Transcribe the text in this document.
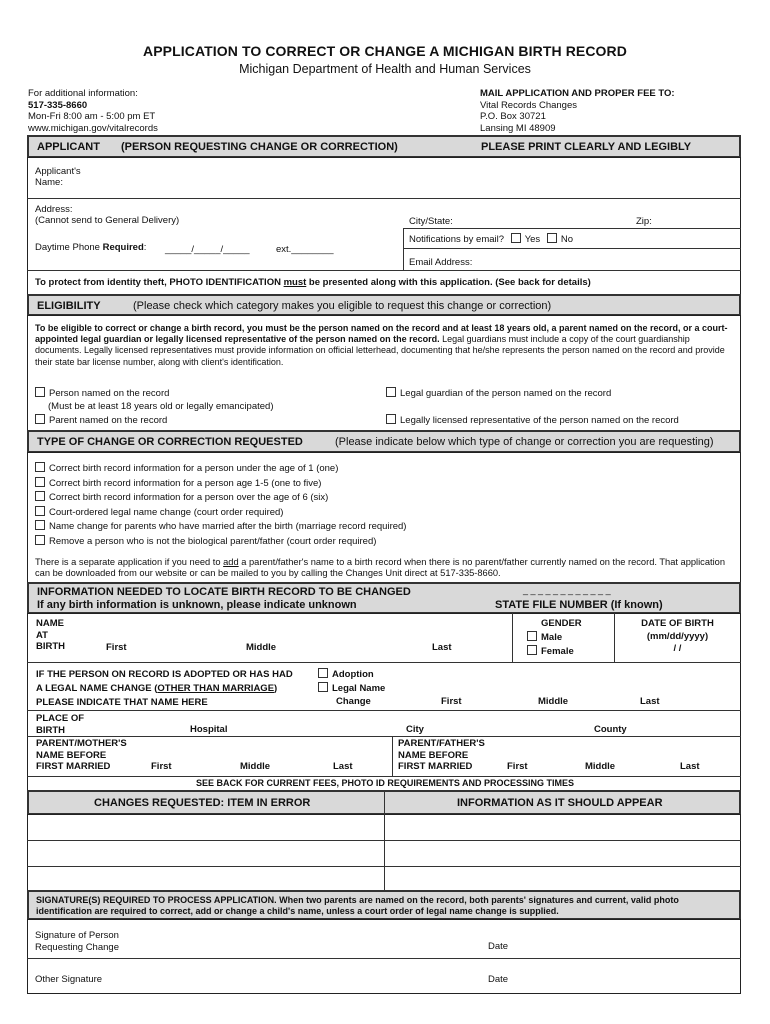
APPLICATION TO CORRECT OR CHANGE A MICHIGAN BIRTH RECORD
Michigan Department of Health and Human Services
For additional information:
517-335-8660
Mon-Fri 8:00 am - 5:00 pm ET
www.michigan.gov/vitalrecords
MAIL APPLICATION AND PROPER FEE TO:
Vital Records Changes
P.O. Box 30721
Lansing MI 48909
APPLICANT (PERSON REQUESTING CHANGE OR CORRECTION)	PLEASE PRINT CLEARLY AND LEGIBLY
Applicant's
Name:
Address:
(Cannot send to General Delivery)	City/State:	Zip:
Daytime Phone Required: _____/_____/_____	ext.________
Notifications by email? Yes No
Email Address:
To protect from identity theft, PHOTO IDENTIFICATION must be presented along with this application. (See back for details)
ELIGIBILITY	(Please check which category makes you eligible to request this change or correction)
To be eligible to correct or change a birth record, you must be the person named on the record and at least 18 years old, a parent named on the record, or a court-appointed legal guardian or legally licensed representative of the person named on the record. Legal guardians must include a copy of the court guardianship documents. Legally licensed representatives must provide information on official letterhead, documenting that he/she represents the person named on the record and provide their state bar license number, along with client's identification.
Person named on the record
(Must be at least 18 years old or legally emancipated)
Parent named on the record
Legal guardian of the person named on the record
Legally licensed representative of the person named on the record
TYPE OF CHANGE OR CORRECTION REQUESTED	(Please indicate below which type of change or correction you are requesting)
Correct birth record information for a person under the age of 1 (one)
Correct birth record information for a person age 1-5 (one to five)
Correct birth record information for a person over the age of 6 (six)
Court-ordered legal name change (court order required)
Name change for parents who have married after the birth (marriage record required)
Remove a person who is not the biological parent/father (court order required)
There is a separate application if you need to add a parent/father's name to a birth record when there is no parent/father currently named on the record. That application can be downloaded from our website or can be mailed to you by calling the Changes Unit direct at 517-335-8660.
INFORMATION NEEDED TO LOCATE BIRTH RECORD TO BE CHANGED
If any birth information is unknown, please indicate unknown
_ _ _ _ _ _ _ _ _ _ _ _
STATE FILE NUMBER (If known)
NAME
AT
BIRTH	First	Middle	Last
GENDER
Male
Female
DATE OF BIRTH
(mm/dd/yyyy)
/ /
IF THE PERSON ON RECORD IS ADOPTED OR HAS HAD
A LEGAL NAME CHANGE (OTHER THAN MARRIAGE)
PLEASE INDICATE THAT NAME HERE
Adoption
Legal Name
Change	First	Middle	Last
PLACE OF
BIRTH	Hospital	City	County
PARENT/MOTHER'S
NAME BEFORE
FIRST MARRIED	First	Middle	Last
PARENT/FATHER'S
NAME BEFORE
FIRST MARRIED	First	Middle	Last
SEE BACK FOR CURRENT FEES, PHOTO ID REQUIREMENTS AND PROCESSING TIMES
CHANGES REQUESTED: ITEM IN ERROR	INFORMATION AS IT SHOULD APPEAR
SIGNATURE(S) REQUIRED TO PROCESS APPLICATION. When two parents are named on the record, both parents' signatures and current, valid photo identification are required to correct, add or change a child's name, unless a court order of legal name change is supplied.
Signature of Person
Requesting Change	Date
Other Signature	Date
